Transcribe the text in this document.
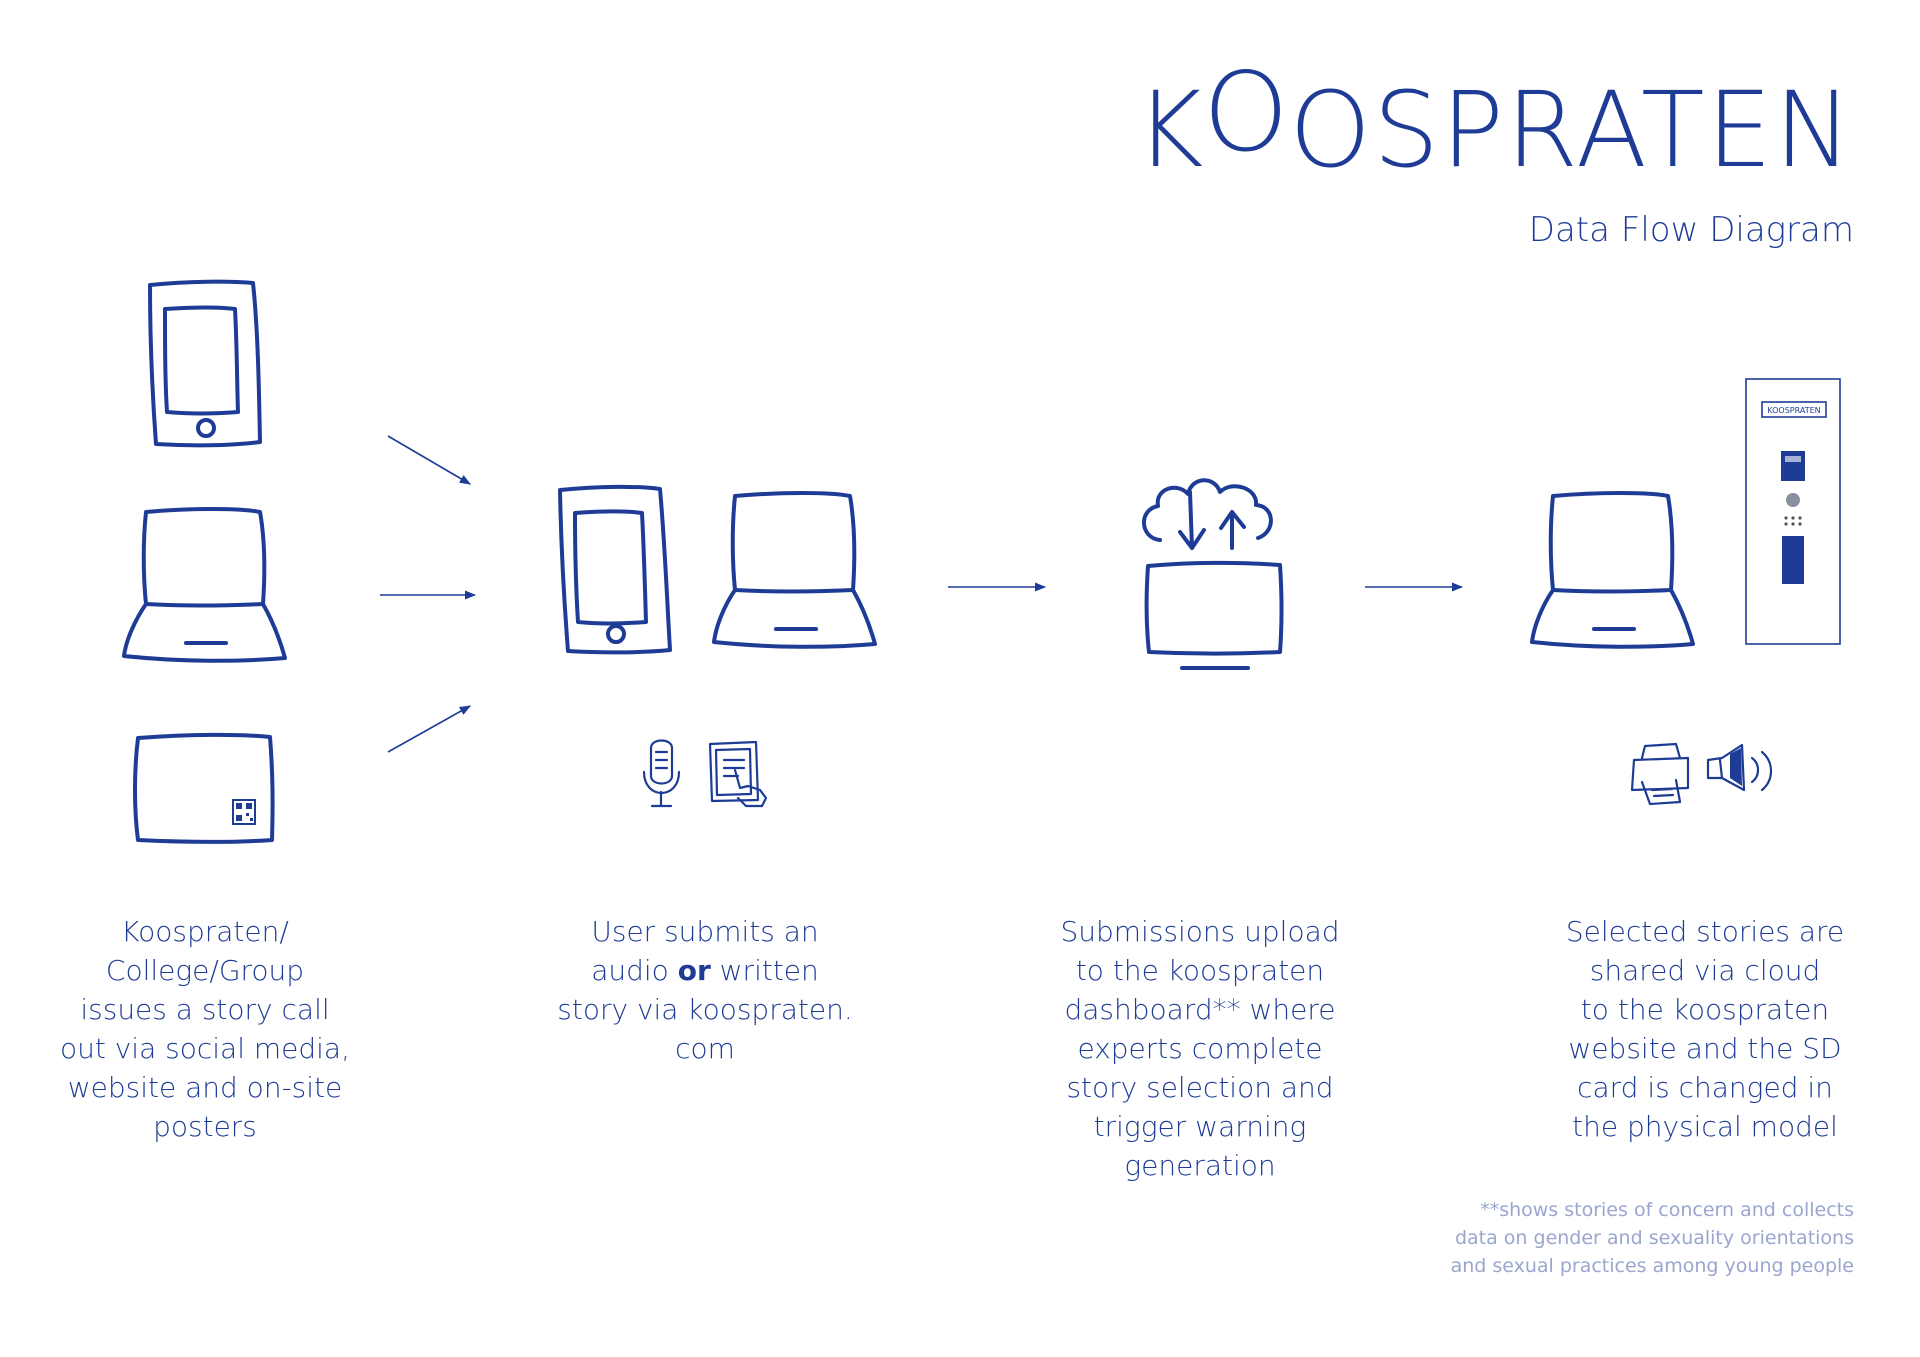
KOOSPRATEN
Data Flow Diagram
KOOSPRATEN
Koospraten/
College/Group
issues a story call
out via social media,
website and on-site
posters
User submits an
audio or written
story via koospraten.
com
Submissions upload
to the koospraten
dashboard** where
experts complete
story selection and
trigger warning
generation
Selected stories are
shared via cloud
to the koospraten
website and the SD
card is changed in
the physical model
**shows stories of concern and collects
data on gender and sexuality orientations
and sexual practices among young people
